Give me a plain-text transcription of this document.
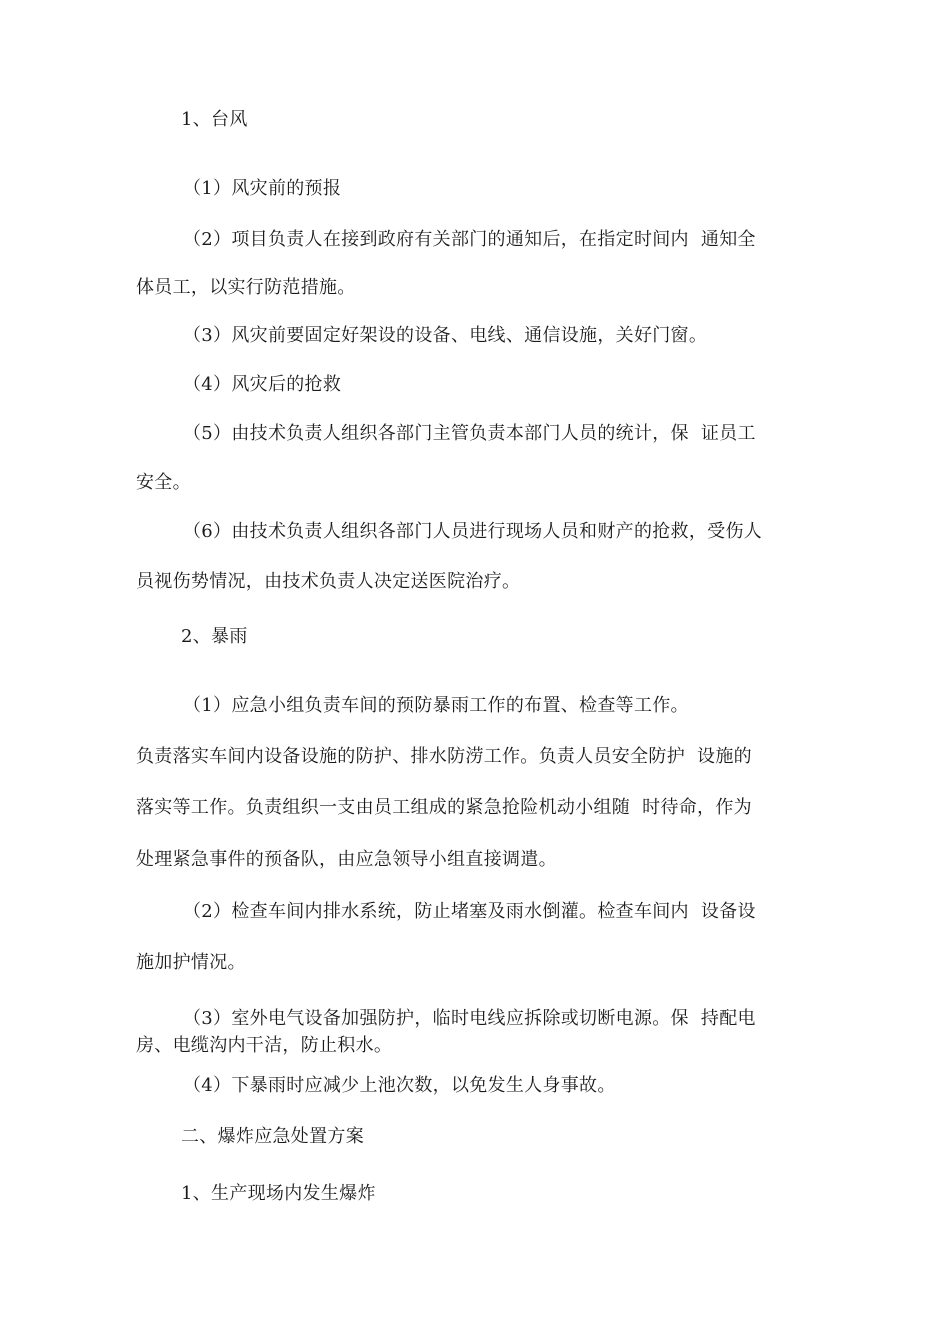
1、台风
（1）风灾前的预报
（2）项目负责人在接到政府有关部门的通知后，在指定时间内  通知全
体员工，以实行防范措施。
（3）风灾前要固定好架设的设备、电线、通信设施，关好门窗。
（4）风灾后的抢救
（5）由技术负责人组织各部门主管负责本部门人员的统计，保  证员工
安全。
（6）由技术负责人组织各部门人员进行现场人员和财产的抢救，受伤人
员视伤势情况，由技术负责人决定送医院治疗。
2、暴雨
（1）应急小组负责车间的预防暴雨工作的布置、检查等工作。
负责落实车间内设备设施的防护、排水防涝工作。负责人员安全防护  设施的
落实等工作。负责组织一支由员工组成的紧急抢险机动小组随  时待命，作为
处理紧急事件的预备队，由应急领导小组直接调遣。
（2）检查车间内排水系统，防止堵塞及雨水倒灌。检查车间内  设备设
施加护情况。
（3）室外电气设备加强防护，临时电线应拆除或切断电源。保  持配电
房、电缆沟内干洁，防止积水。
（4）下暴雨时应减少上池次数，以免发生人身事故。
二、爆炸应急处置方案
1、生产现场内发生爆炸
